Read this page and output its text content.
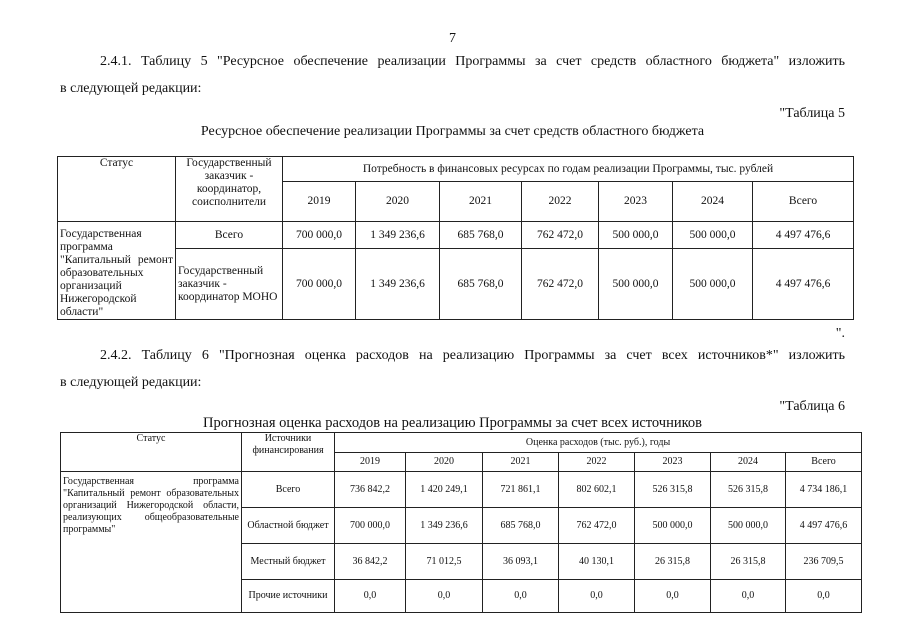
7
2.4.1. Таблицу 5 "Ресурсное обеспечение реализации Программы за счет средств областного бюджета" изложить
в следующей редакции:
"Таблица 5
Ресурсное обеспечение реализации Программы за счет средств областного бюджета
Статус	Государственный заказчик - координатор, соисполнители	Потребность в финансовых ресурсах по годам реализации Программы, тыс. рублей						
		2019	2020	2021	2022	2023	2024	Всего
Государственная программа "Капитальный ремонт образовательных организаций Нижегородской области"	Всего	700 000,0	1 349 236,6	685 768,0	762 472,0	500 000,0	500 000,0	4 497 476,6
	Государственный заказчик - координатор МОНО	700 000,0	1 349 236,6	685 768,0	762 472,0	500 000,0	500 000,0	4 497 476,6
".
2.4.2. Таблицу 6 "Прогнозная оценка расходов на реализацию Программы за счет всех источников*" изложить
в следующей редакции:
"Таблица 6
Прогнозная оценка расходов на реализацию Программы за счет всех источников
Статус	Источники финансирования	Оценка расходов (тыс. руб.), годы						
		2019	2020	2021	2022	2023	2024	Всего
Государственная программа "Капитальный ремонт образовательных организаций Нижегородской области, реализующих общеобразовательные программы"	Всего	736 842,2	1 420 249,1	721 861,1	802 602,1	526 315,8	526 315,8	4 734 186,1
	Областной бюджет	700 000,0	1 349 236,6	685 768,0	762 472,0	500 000,0	500 000,0	4 497 476,6
	Местный бюджет	36 842,2	71 012,5	36 093,1	40 130,1	26 315,8	26 315,8	236 709,5
	Прочие источники	0,0	0,0	0,0	0,0	0,0	0,0	0,0
